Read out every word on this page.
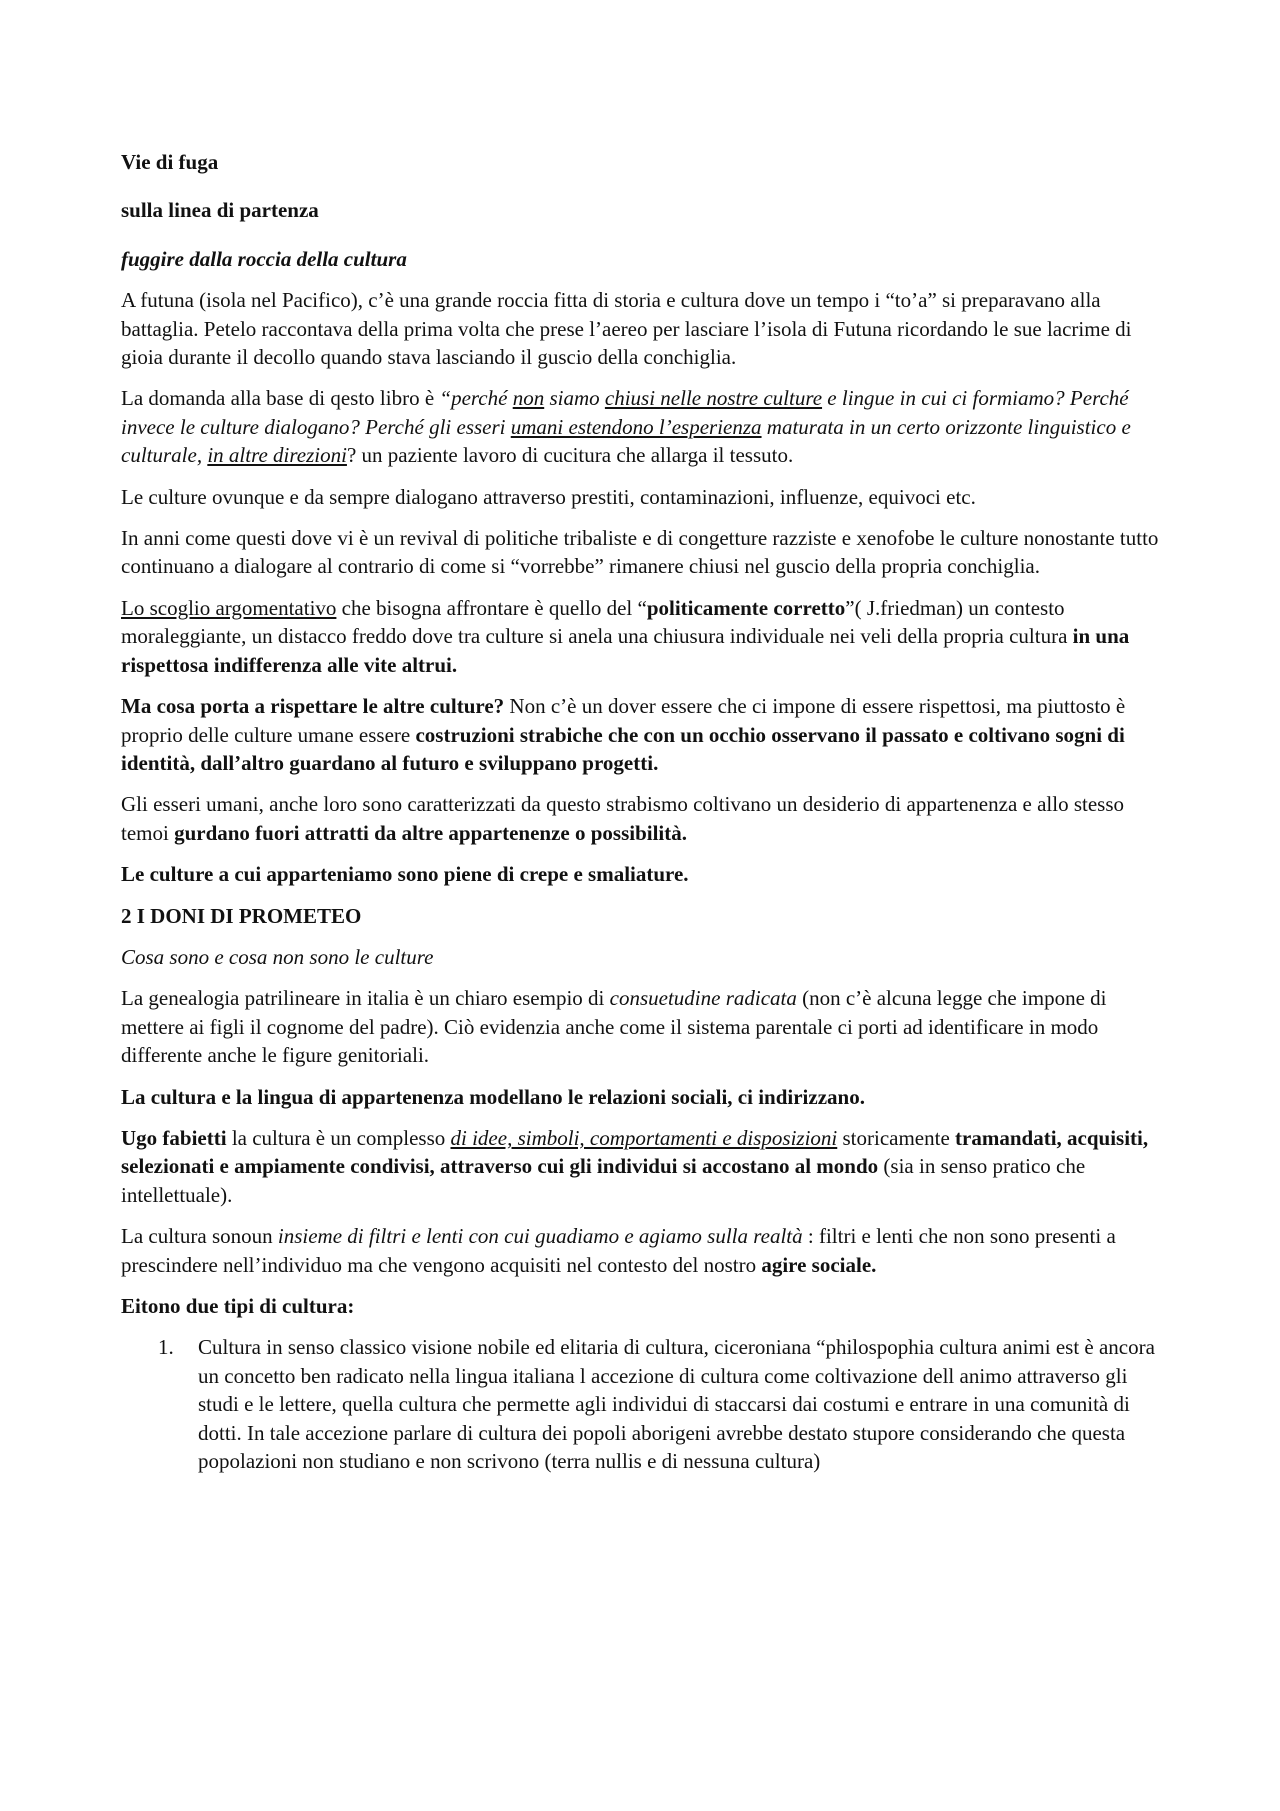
Vie di fuga

sulla linea di partenza

fuggire dalla roccia della cultura

A futuna (isola nel Pacifico), c’è una grande roccia fitta di storia e cultura dove un tempo i “to’a” si preparavano alla battaglia. Petelo raccontava della prima volta che prese l’aereo per lasciare l’isola di Futuna ricordando le sue lacrime di gioia durante il decollo quando stava lasciando il guscio della conchiglia.

La domanda alla base di qesto libro è “perché non siamo chiusi nelle nostre culture e lingue in cui ci formiamo? Perché invece le culture dialogano? Perché gli esseri umani estendono l’esperienza maturata in un certo orizzonte linguistico e culturale, in altre direzioni? un paziente lavoro di cucitura che allarga il tessuto.

Le culture ovunque e da sempre dialogano attraverso prestiti, contaminazioni, influenze, equivoci etc.

In anni come questi dove vi è un revival di politiche tribaliste e di congetture razziste e xenofobe le culture nonostante tutto continuano a dialogare al contrario di come si “vorrebbe” rimanere chiusi nel guscio della propria conchiglia.

Lo scoglio argomentativo che bisogna affrontare è quello del “politicamente corretto”( J.friedman) un contesto moraleggiante, un distacco freddo dove tra culture si anela una chiusura individuale nei veli della propria cultura in una rispettosa indifferenza alle vite altrui.

Ma cosa porta a rispettare le altre culture? Non c’è un dover essere che ci impone di essere rispettosi, ma piuttosto è proprio delle culture umane essere costruzioni strabiche che con un occhio osservano il passato e coltivano sogni di identità, dall’altro guardano al futuro e sviluppano progetti.

Gli esseri umani, anche loro sono caratterizzati da questo strabismo coltivano un desiderio di appartenenza e allo stesso temoi gurdano fuori attratti da altre appartenenze o possibilità.

Le culture a cui apparteniamo sono piene di crepe e smaliature.

2 I DONI DI PROMETEO

Cosa sono e cosa non sono le culture

La genealogia patrilineare in italia è un chiaro esempio di consuetudine radicata (non c’è alcuna legge che impone di mettere ai figli il cognome del padre). Ciò evidenzia anche come il sistema parentale ci porti ad identificare in modo differente anche le figure genitoriali.

La cultura e la lingua di appartenenza modellano le relazioni sociali, ci indirizzano.

Ugo fabietti la cultura è un complesso di idee, simboli, comportamenti e disposizioni storicamente tramandati, acquisiti, selezionati e ampiamente condivisi, attraverso cui gli individui si accostano al mondo (sia in senso pratico che intellettuale).

La cultura sonoun insieme di filtri e lenti con cui guadiamo e agiamo sulla realtà : filtri e lenti che non sono presenti a prescindere nell’individuo ma che vengono acquisiti nel contesto del nostro agire sociale.

Eitono due tipi di cultura:

1. Cultura in senso classico visione nobile ed elitaria di cultura, ciceroniana “philospophia cultura animi est è ancora un concetto ben radicato nella lingua italiana l accezione di cultura come coltivazione dell animo attraverso gli studi e le lettere, quella cultura che permette agli individui di staccarsi dai costumi e entrare in una comunità di dotti. In tale accezione parlare di cultura dei popoli aborigeni avrebbe destato stupore considerando che questa popolazioni non studiano e non scrivono (terra nullis e di nessuna cultura)
